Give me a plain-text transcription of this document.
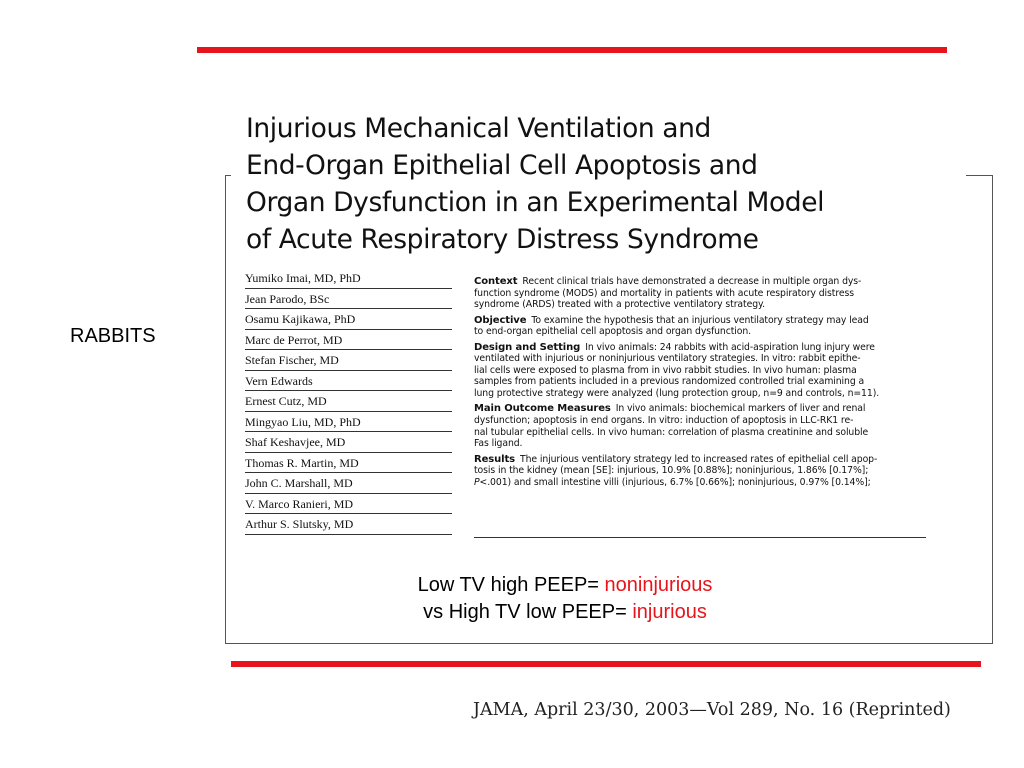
Injurious Mechanical Ventilation and
End-Organ Epithelial Cell Apoptosis and
Organ Dysfunction in an Experimental Model
of Acute Respiratory Distress Syndrome
Yumiko Imai, MD, PhD
Jean Parodo, BSc
Osamu Kajikawa, PhD
Marc de Perrot, MD
Stefan Fischer, MD
Vern Edwards
Ernest Cutz, MD
Mingyao Liu, MD, PhD
Shaf Keshavjee, MD
Thomas R. Martin, MD
John C. Marshall, MD
V. Marco Ranieri, MD
Arthur S. Slutsky, MD
Context Recent clinical trials have demonstrated a decrease in multiple organ dys-
function syndrome (MODS) and mortality in patients with acute respiratory distress
syndrome (ARDS) treated with a protective ventilatory strategy.
Objective To examine the hypothesis that an injurious ventilatory strategy may lead
to end-organ epithelial cell apoptosis and organ dysfunction.
Design and Setting In vivo animals: 24 rabbits with acid-aspiration lung injury were
ventilated with injurious or noninjurious ventilatory strategies. In vitro: rabbit epithe-
lial cells were exposed to plasma from in vivo rabbit studies. In vivo human: plasma
samples from patients included in a previous randomized controlled trial examining a
lung protective strategy were analyzed (lung protection group, n=9 and controls, n=11).
Main Outcome Measures In vivo animals: biochemical markers of liver and renal
dysfunction; apoptosis in end organs. In vitro: induction of apoptosis in LLC-RK1 re-
nal tubular epithelial cells. In vivo human: correlation of plasma creatinine and soluble
Fas ligand.
Results The injurious ventilatory strategy led to increased rates of epithelial cell apop-
tosis in the kidney (mean [SE]: injurious, 10.9% [0.88%]; noninjurious, 1.86% [0.17%];
P<.001) and small intestine villi (injurious, 6.7% [0.66%]; noninjurious, 0.97% [0.14%];
RABBITS
Low TV high PEEP= noninjurious
vs High TV low PEEP= injurious
JAMA, April 23/30, 2003—Vol 289, No. 16 (Reprinted)
